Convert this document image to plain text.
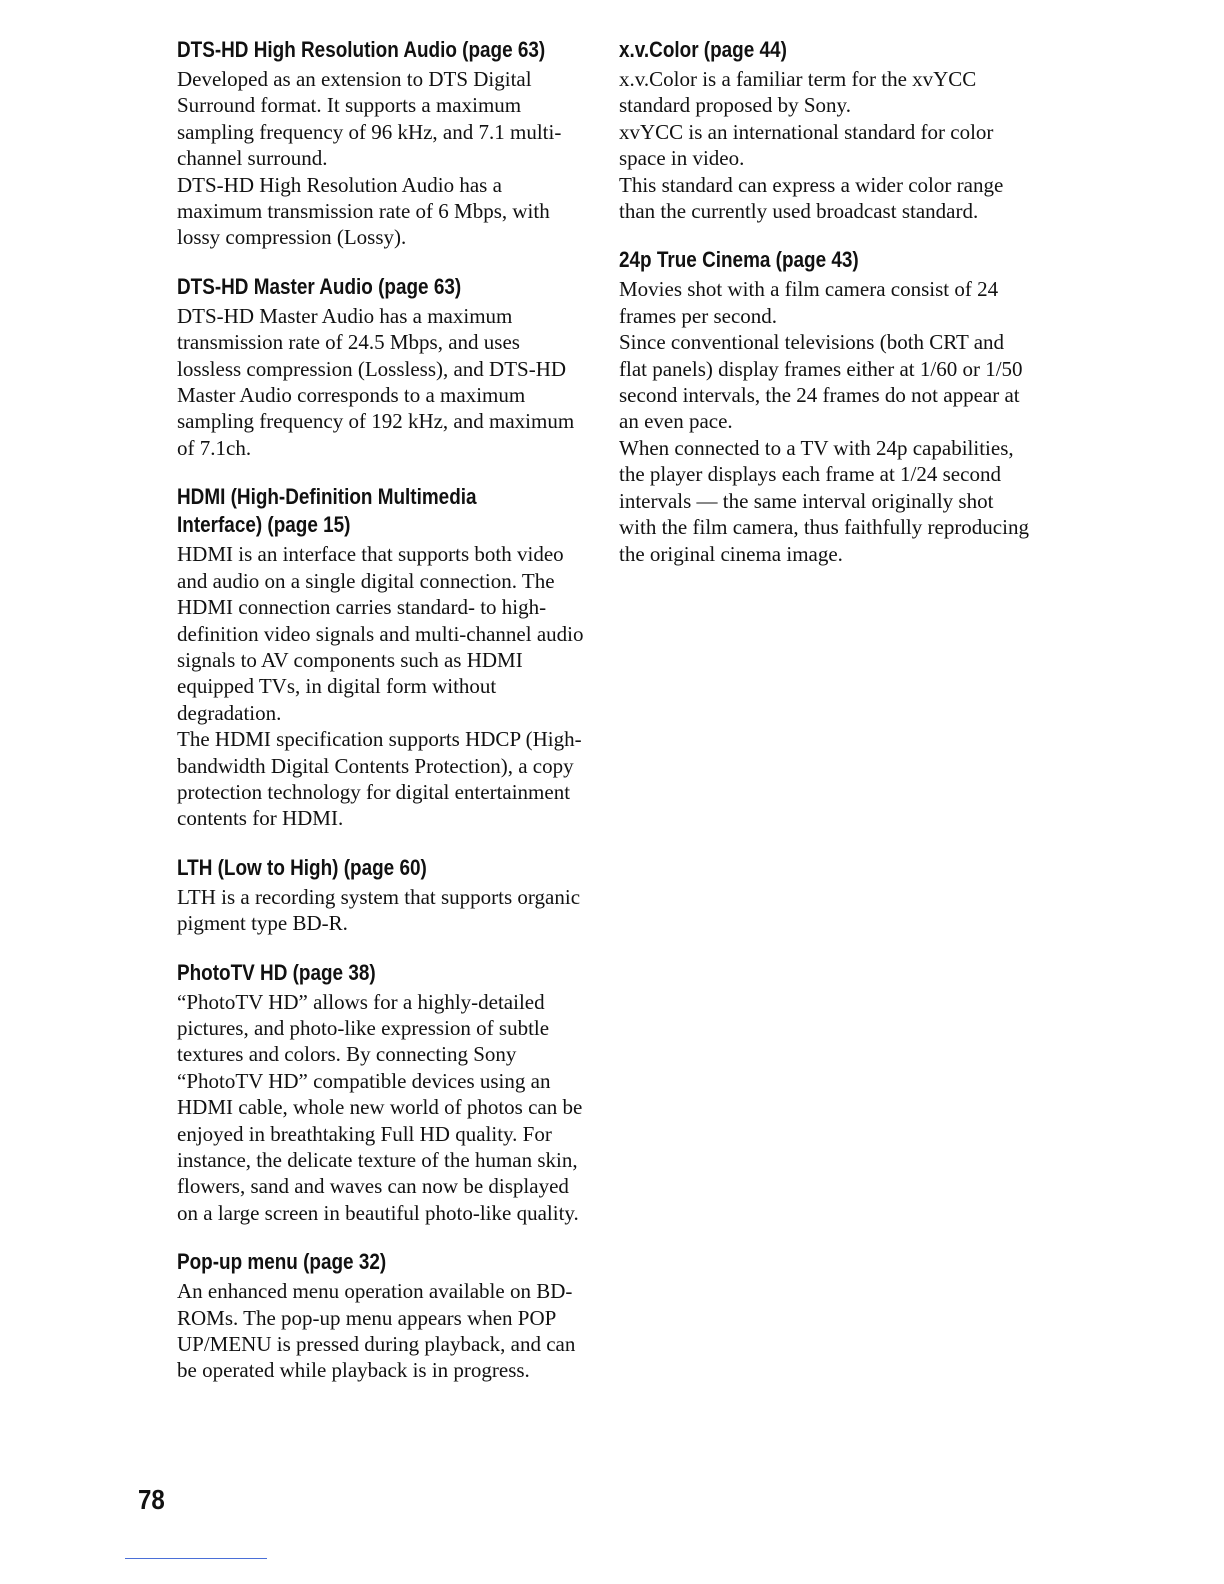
DTS-HD High Resolution Audio (page 63)

Developed as an extension to DTS Digital Surround format. It supports a maximum sampling frequency of 96 kHz, and 7.1 multi-channel surround.

DTS-HD High Resolution Audio has a maximum transmission rate of 6 Mbps, with lossy compression (Lossy).

DTS-HD Master Audio (page 63)

DTS-HD Master Audio has a maximum transmission rate of 24.5 Mbps, and uses lossless compression (Lossless), and DTS-HD Master Audio corresponds to a maximum sampling frequency of 192 kHz, and maximum of 7.1ch.

HDMI (High-Definition Multimedia Interface) (page 15)

HDMI is an interface that supports both video and audio on a single digital connection. The HDMI connection carries standard- to high-definition video signals and multi-channel audio signals to AV components such as HDMI equipped TVs, in digital form without degradation.

The HDMI specification supports HDCP (High-bandwidth Digital Contents Protection), a copy protection technology for digital entertainment contents for HDMI.

LTH (Low to High) (page 60)

LTH is a recording system that supports organic pigment type BD-R.

PhotoTV HD (page 38)

“PhotoTV HD” allows for a highly-detailed pictures, and photo-like expression of subtle textures and colors. By connecting Sony “PhotoTV HD” compatible devices using an HDMI cable, whole new world of photos can be enjoyed in breathtaking Full HD quality. For instance, the delicate texture of the human skin, flowers, sand and waves can now be displayed on a large screen in beautiful photo-like quality.

Pop-up menu (page 32)

An enhanced menu operation available on BD-ROMs. The pop-up menu appears when POP UP/MENU is pressed during playback, and can be operated while playback is in progress.

x.v.Color (page 44)

x.v.Color is a familiar term for the xvYCC standard proposed by Sony.

xvYCC is an international standard for color space in video.

This standard can express a wider color range than the currently used broadcast standard.

24p True Cinema (page 43)

Movies shot with a film camera consist of 24 frames per second.

Since conventional televisions (both CRT and flat panels) display frames either at 1/60 or 1/50 second intervals, the 24 frames do not appear at an even pace.

When connected to a TV with 24p capabilities, the player displays each frame at 1/24 second intervals — the same interval originally shot with the film camera, thus faithfully reproducing the original cinema image.

78
